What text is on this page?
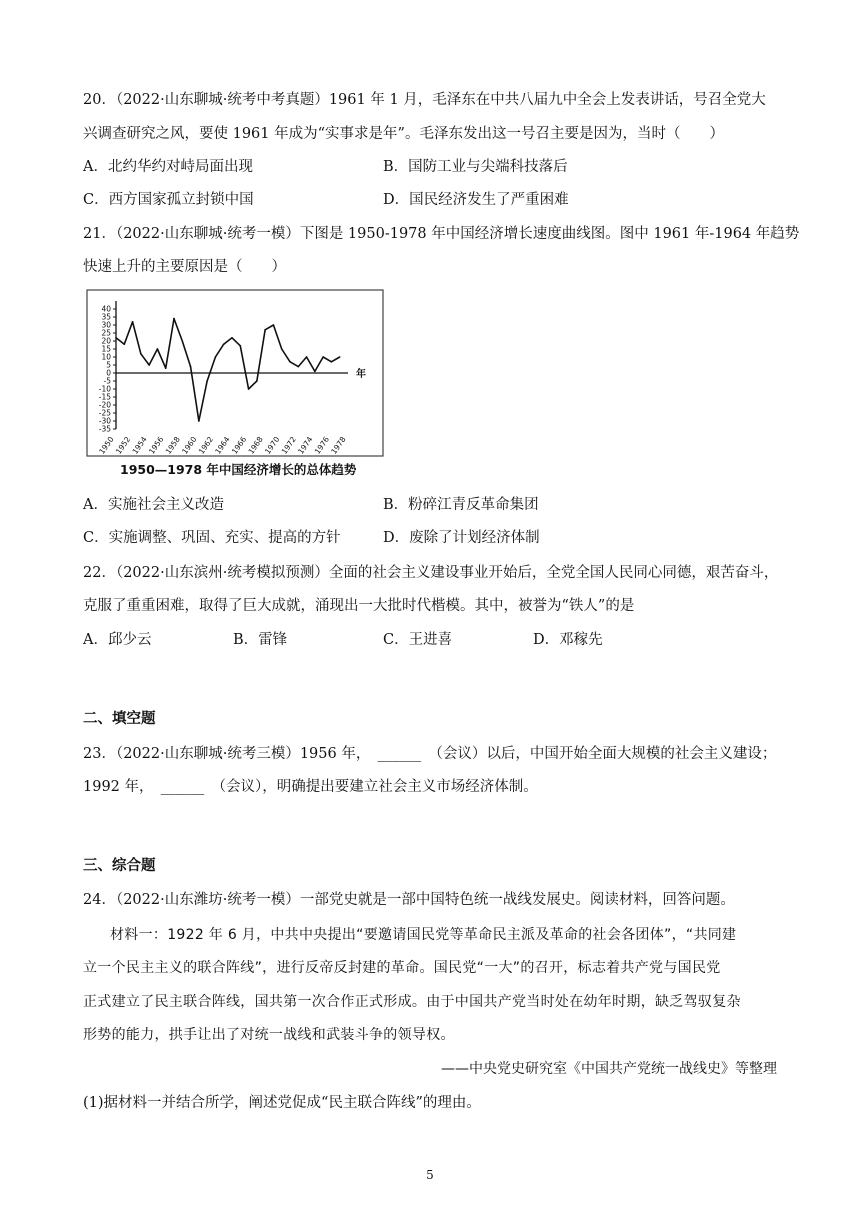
20．（2022·山东聊城·统考中考真题）1961 年 1 月，毛泽东在中共八届九中全会上发表讲话，号召全党大
兴调查研究之风，要使 1961 年成为“实事求是年”。毛泽东发出这一号召主要是因为，当时（　　）
A．北约华约对峙局面出现	B．国防工业与尖端科技落后
C．西方国家孤立封锁中国	D．国民经济发生了严重困难
21．（2022·山东聊城·统考一模）下图是 1950-1978 年中国经济增长速度曲线图。图中 1961 年-1964 年趋势
快速上升的主要原因是（　　）
40
35
30
25
20
15
10
5
0
-5
-10
-15
-20
-25
-30
-35
1950
1952
1954
1956
1958
1960
1962
1964
1966
1968
1970
1972
1974
1976
1978
年
1950—1978 年中国经济增长的总体趋势
A．实施社会主义改造	B．粉碎江青反革命集团
C．实施调整、巩固、充实、提高的方针	D．废除了计划经济体制
22．（2022·山东滨州·统考模拟预测）全面的社会主义建设事业开始后，全党全国人民同心同德，艰苦奋斗，
克服了重重困难，取得了巨大成就，涌现出一大批时代楷模。其中，被誉为“铁人”的是
A．邱少云	B．雷锋	C．王进喜	D．邓稼先
二、填空题
23．（2022·山东聊城·统考三模）1956 年，　______　（会议）以后，中国开始全面大规模的社会主义建设；
1992 年，　______　（会议），明确提出要建立社会主义市场经济体制。
三、综合题
24．（2022·山东潍坊·统考一模）一部党史就是一部中国特色统一战线发展史。阅读材料，回答问题。
材料一：1922 年 6 月，中共中央提出“要邀请国民党等革命民主派及革命的社会各团体”，“共同建
立一个民主主义的联合阵线”，进行反帝反封建的革命。国民党“一大”的召开，标志着共产党与国民党
正式建立了民主联合阵线，国共第一次合作正式形成。由于中国共产党当时处在幼年时期，缺乏驾驭复杂
形势的能力，拱手让出了对统一战线和武装斗争的领导权。
——中央党史研究室《中国共产党统一战线史》等整理
(1)据材料一并结合所学，阐述党促成“民主联合阵线”的理由。
5
